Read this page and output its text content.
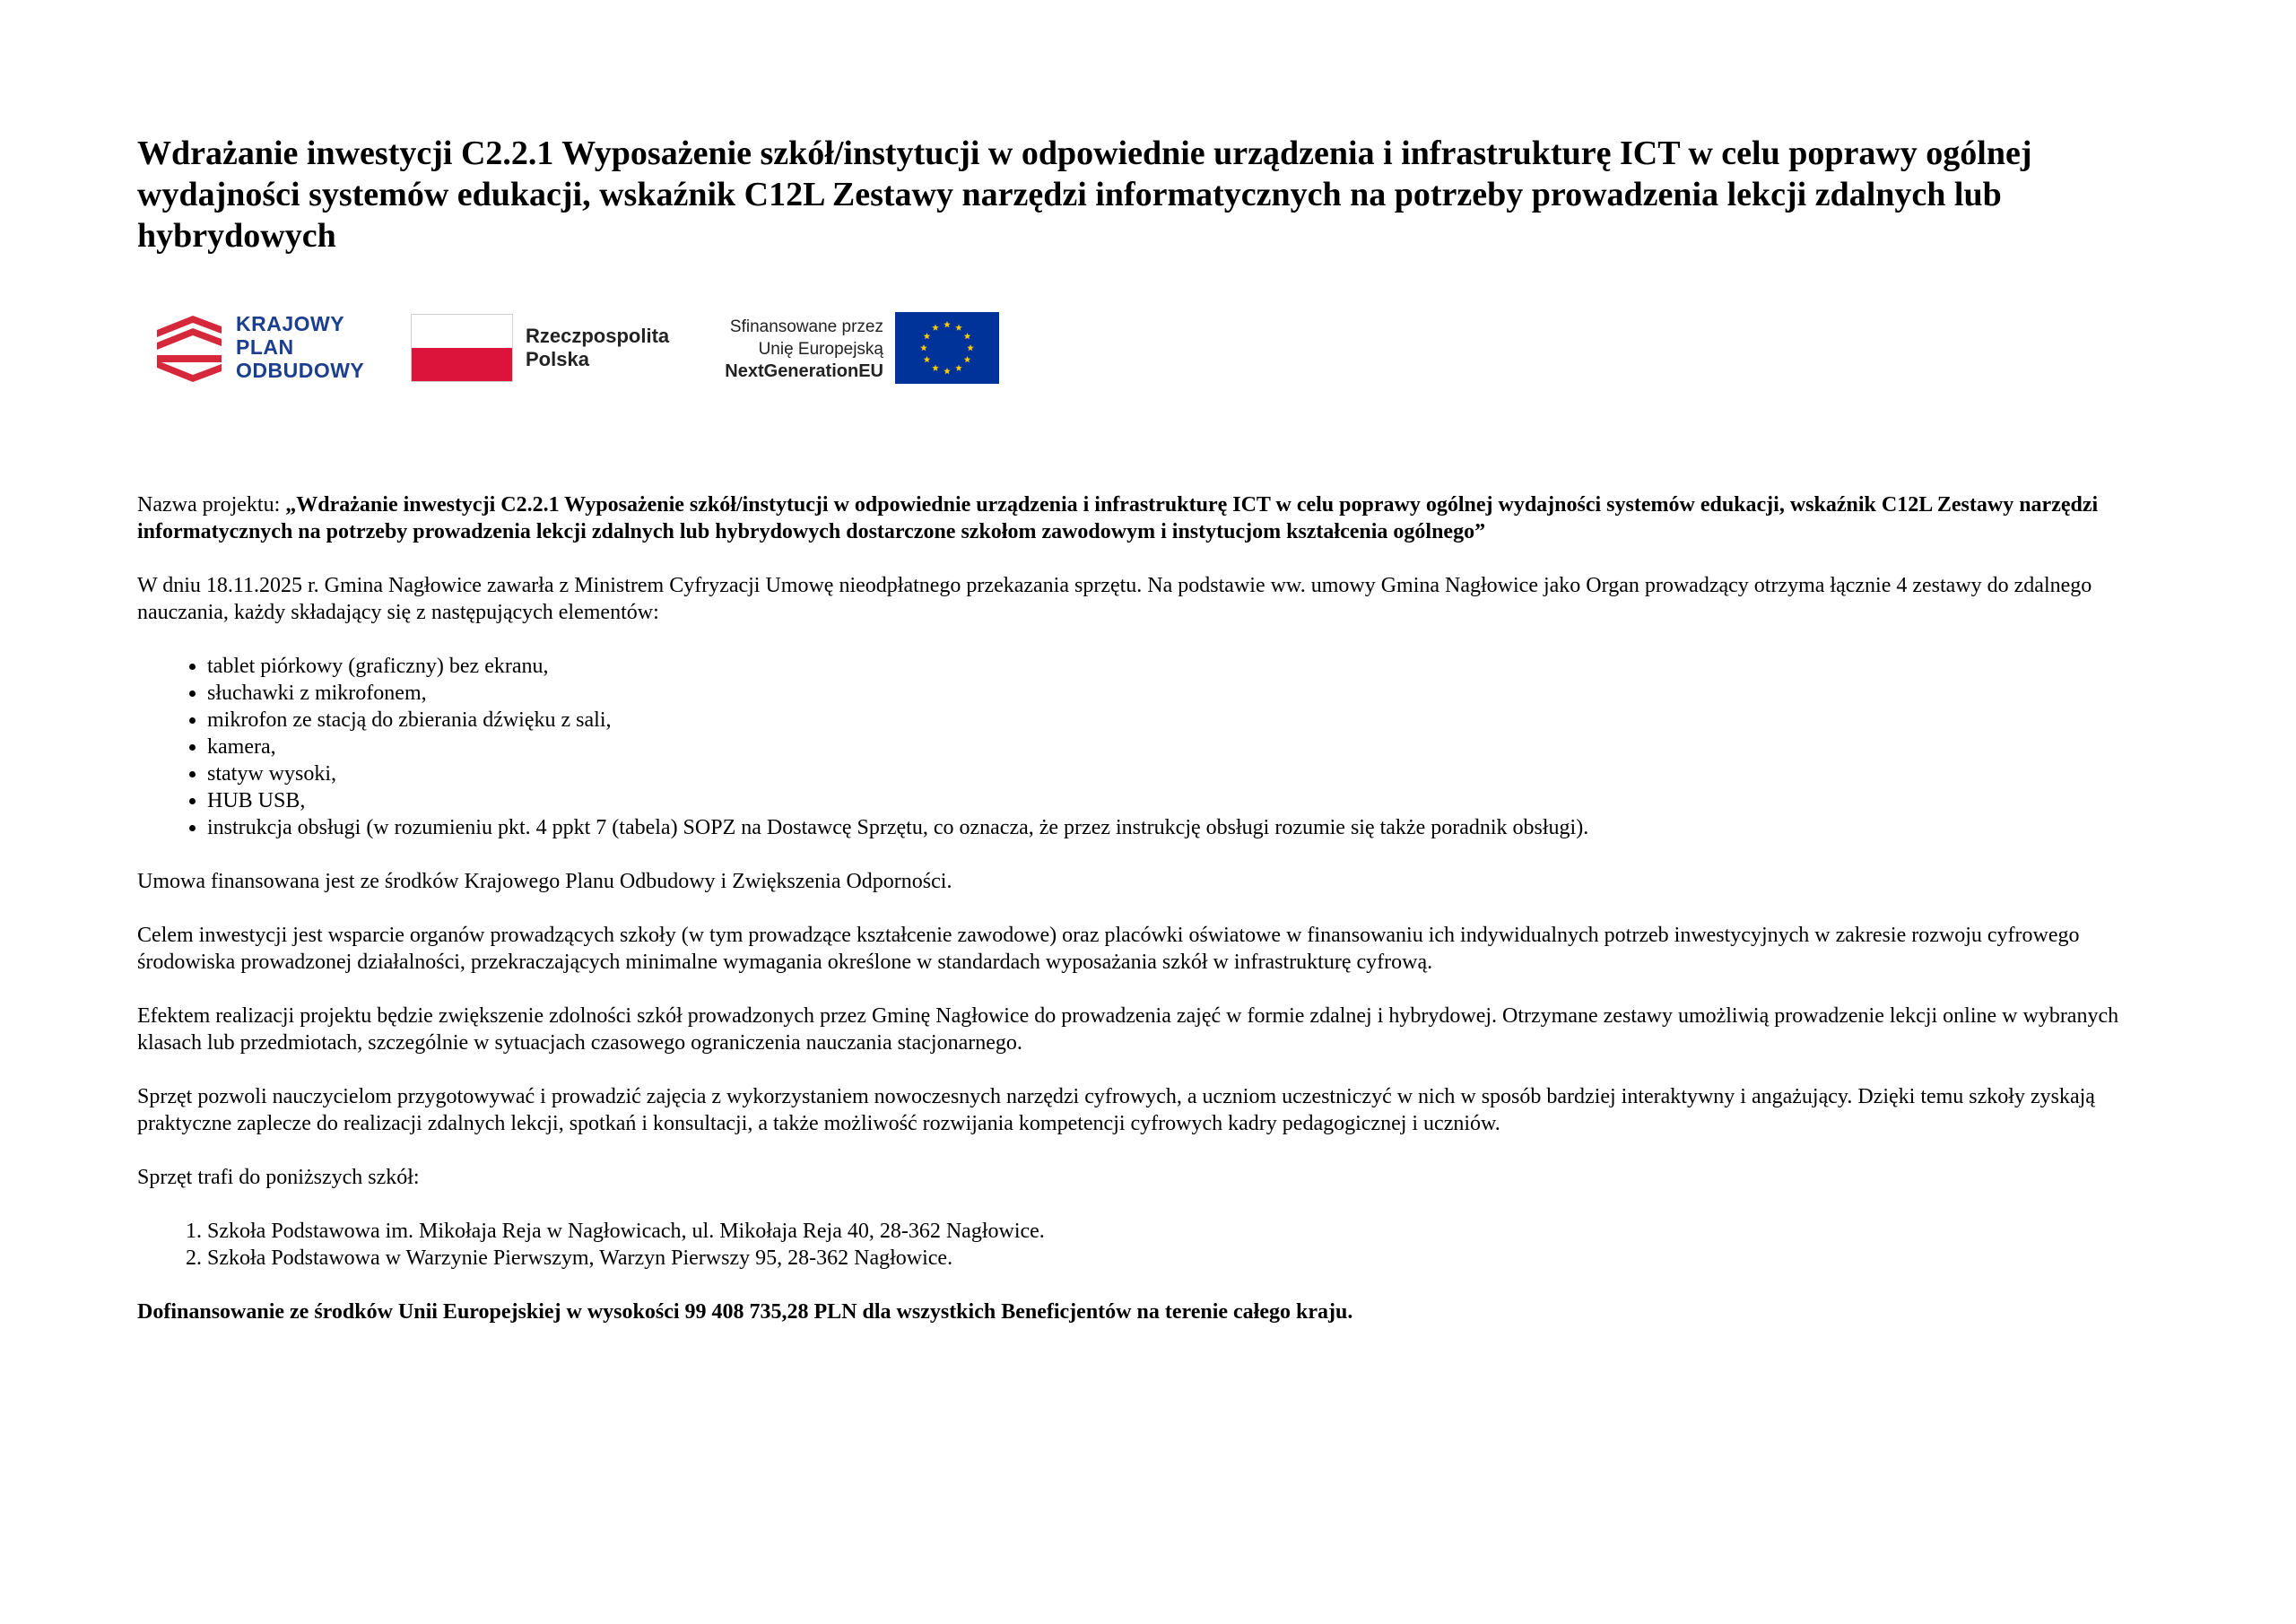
Wdrażanie inwestycji C2.2.1 Wyposażenie szkół/instytucji w odpowiednie urządzenia i infrastrukturę ICT w celu poprawy ogólnej wydajności systemów edukacji, wskaźnik C12L Zestawy narzędzi informatycznych na potrzeby prowadzenia lekcji zdalnych lub hybrydowych
KRAJOWY
PLAN
ODBUDOWY
Rzeczpospolita
Polska
Sfinansowane przez
Unię Europejską
NextGenerationEU

Nazwa projektu: „Wdrażanie inwestycji C2.2.1 Wyposażenie szkół/instytucji w odpowiednie urządzenia i infrastrukturę ICT w celu poprawy ogólnej wydajności systemów edukacji, wskaźnik C12L Zestawy narzędzi informatycznych na potrzeby prowadzenia lekcji zdalnych lub hybrydowych dostarczone szkołom zawodowym i instytucjom kształcenia ogólnego”

W dniu 18.11.2025 r. Gmina Nagłowice zawarła z Ministrem Cyfryzacji Umowę nieodpłatnego przekazania sprzętu. Na podstawie ww. umowy Gmina Nagłowice jako Organ prowadzący otrzyma łącznie 4 zestawy do zdalnego nauczania, każdy składający się z następujących elementów:

• tablet piórkowy (graficzny) bez ekranu,
• słuchawki z mikrofonem,
• mikrofon ze stacją do zbierania dźwięku z sali,
• kamera,
• statyw wysoki,
• HUB USB,
• instrukcja obsługi (w rozumieniu pkt. 4 ppkt 7 (tabela) SOPZ na Dostawcę Sprzętu, co oznacza, że przez instrukcję obsługi rozumie się także poradnik obsługi).

Umowa finansowana jest ze środków Krajowego Planu Odbudowy i Zwiększenia Odporności.

Celem inwestycji jest wsparcie organów prowadzących szkoły (w tym prowadzące kształcenie zawodowe) oraz placówki oświatowe w finansowaniu ich indywidualnych potrzeb inwestycyjnych w zakresie rozwoju cyfrowego środowiska prowadzonej działalności, przekraczających minimalne wymagania określone w standardach wyposażania szkół w infrastrukturę cyfrową.

Efektem realizacji projektu będzie zwiększenie zdolności szkół prowadzonych przez Gminę Nagłowice do prowadzenia zajęć w formie zdalnej i hybrydowej. Otrzymane zestawy umożliwią prowadzenie lekcji online w wybranych klasach lub przedmiotach, szczególnie w sytuacjach czasowego ograniczenia nauczania stacjonarnego.

Sprzęt pozwoli nauczycielom przygotowywać i prowadzić zajęcia z wykorzystaniem nowoczesnych narzędzi cyfrowych, a uczniom uczestniczyć w nich w sposób bardziej interaktywny i angażujący. Dzięki temu szkoły zyskają praktyczne zaplecze do realizacji zdalnych lekcji, spotkań i konsultacji, a także możliwość rozwijania kompetencji cyfrowych kadry pedagogicznej i uczniów.

Sprzęt trafi do poniższych szkół:

1. Szkoła Podstawowa im. Mikołaja Reja w Nagłowicach, ul. Mikołaja Reja 40, 28-362 Nagłowice.
2. Szkoła Podstawowa w Warzynie Pierwszym, Warzyn Pierwszy 95, 28-362 Nagłowice.

Dofinansowanie ze środków Unii Europejskiej w wysokości 99 408 735,28 PLN dla wszystkich Beneficjentów na terenie całego kraju.
